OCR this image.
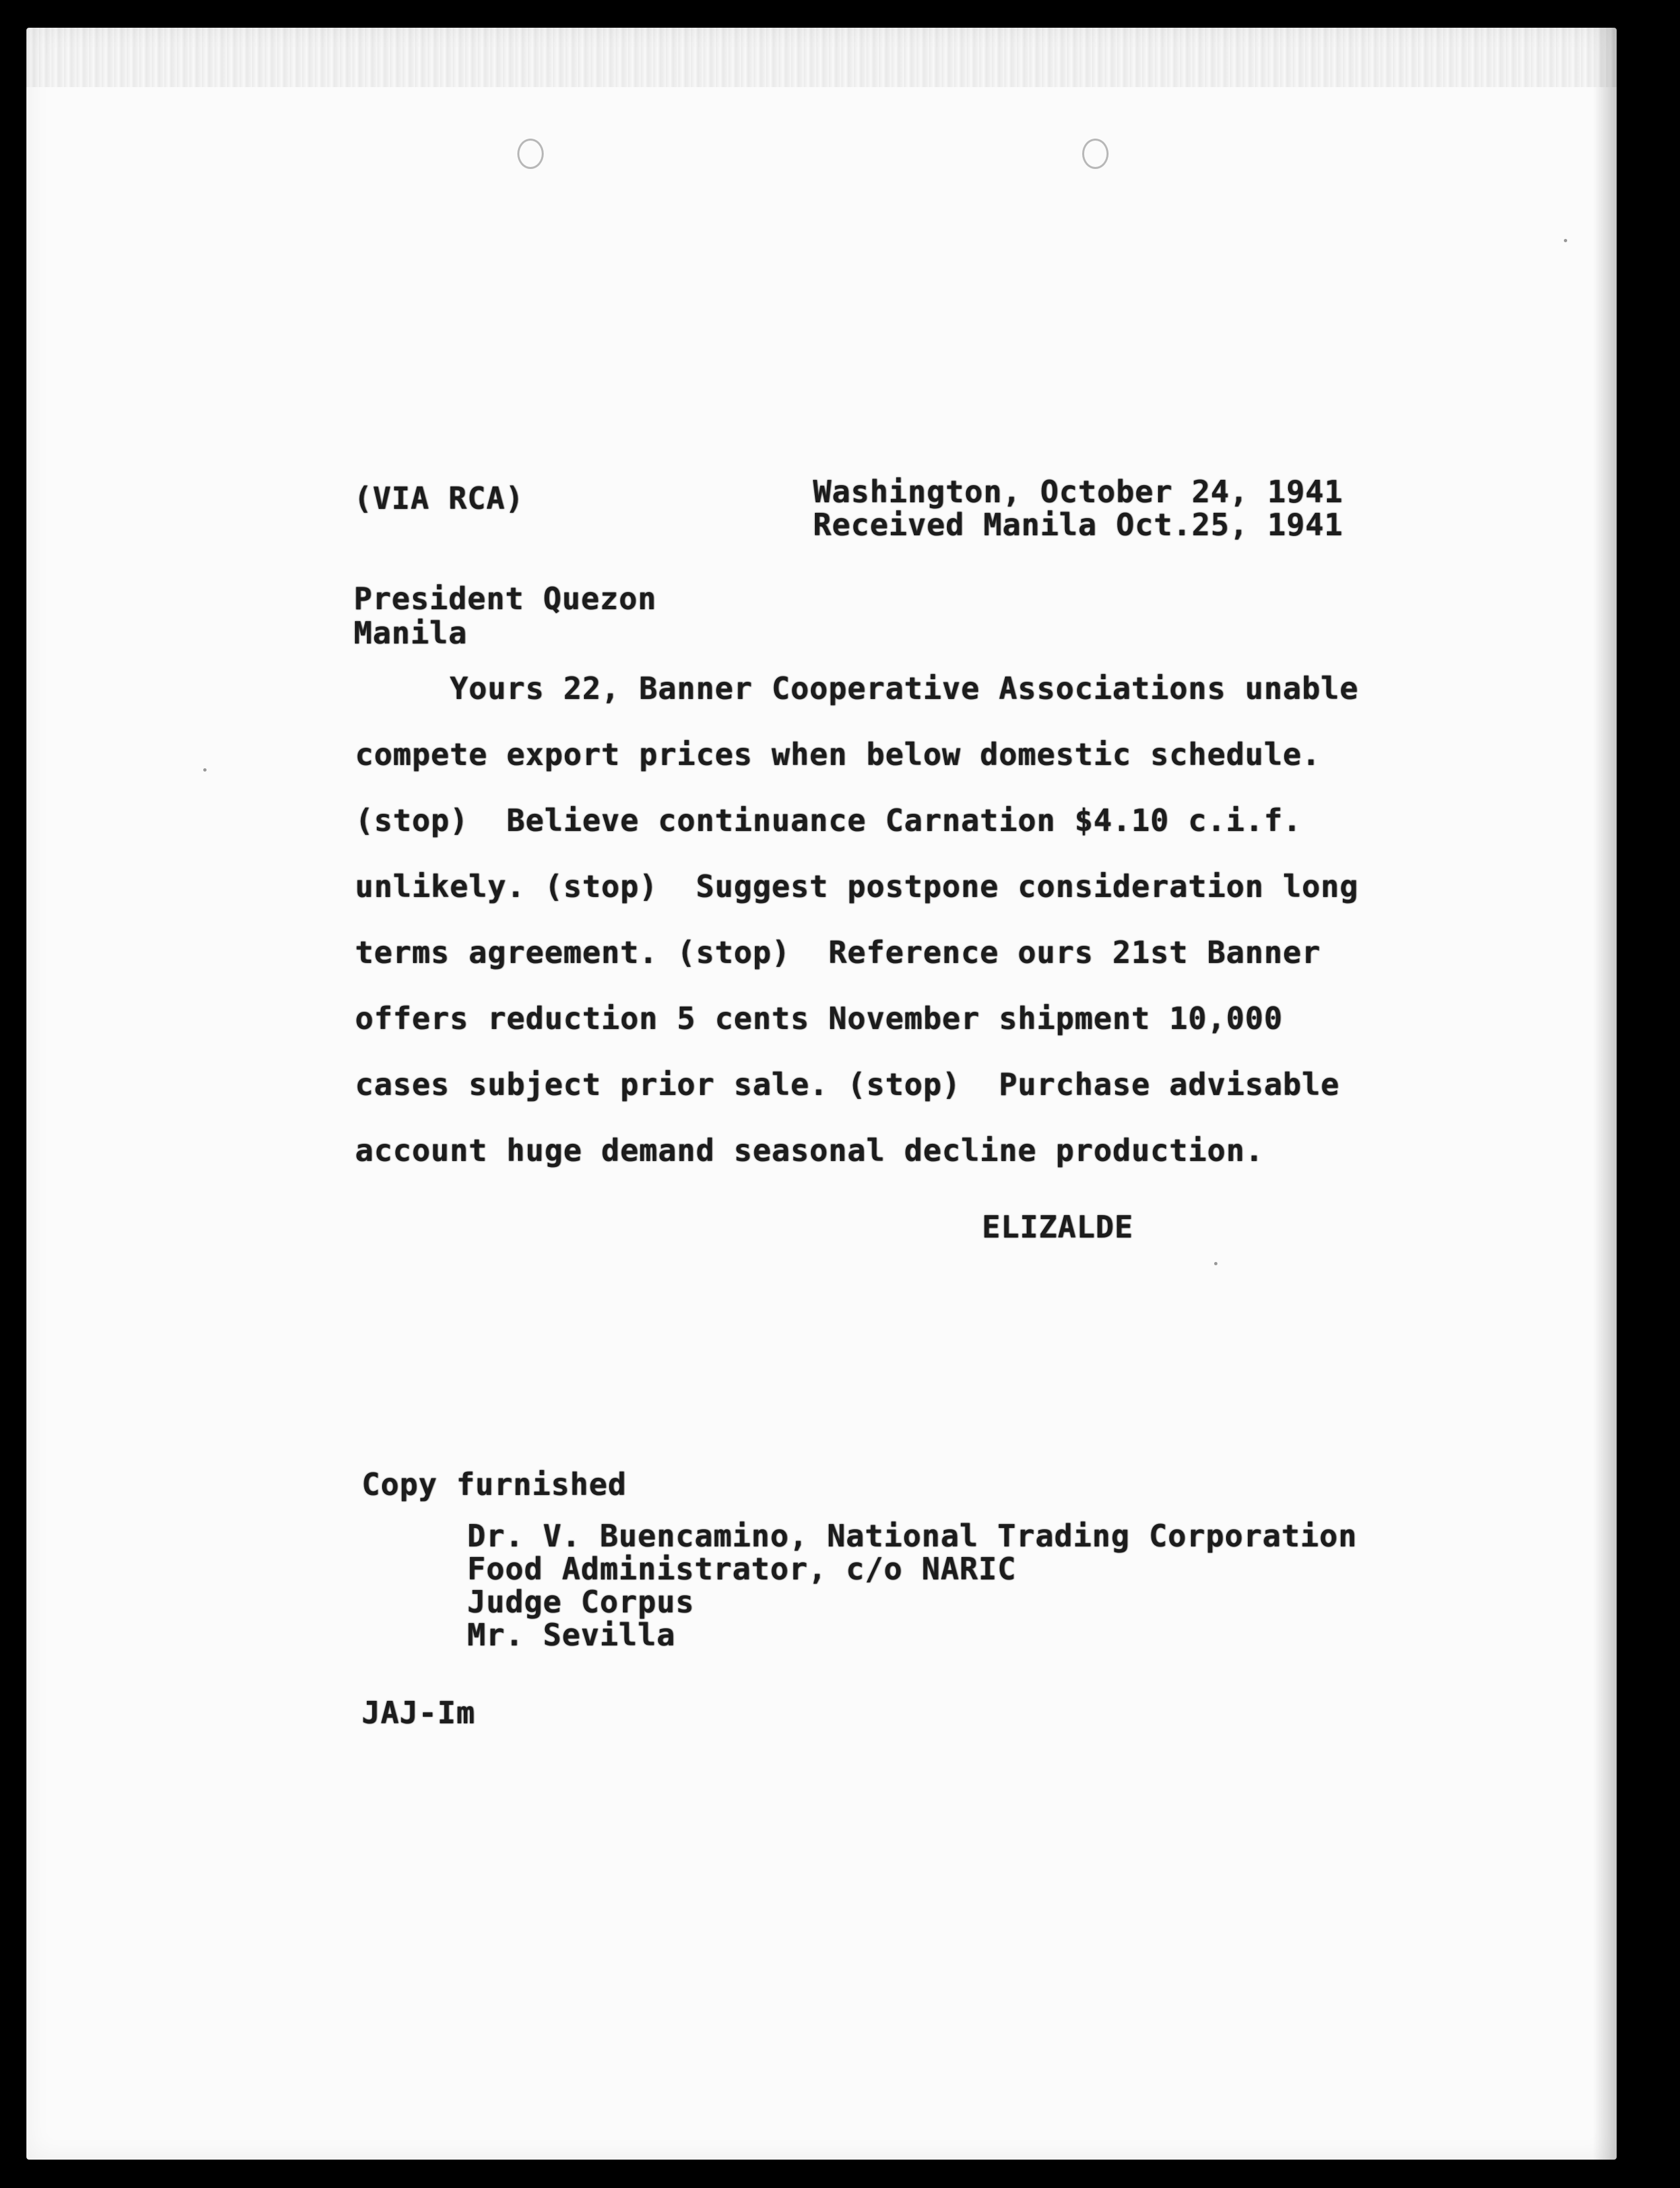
(VIA RCA)	Washington, October 24, 1941
Received Manila Oct.25, 1941
President Quezon
Manila
Yours 22, Banner Cooperative Associations unable
compete export prices when below domestic schedule.
(stop)  Believe continuance Carnation $4.10 c.i.f.
unlikely. (stop)  Suggest postpone consideration long
terms agreement. (stop)  Reference ours 21st Banner
offers reduction 5 cents November shipment 10,000
cases subject prior sale. (stop)  Purchase advisable
account huge demand seasonal decline production.
ELIZALDE
Copy furnished
Dr. V. Buencamino, National Trading Corporation
Food Administrator, c/o NARIC
Judge Corpus
Mr. Sevilla
JAJ-Im
